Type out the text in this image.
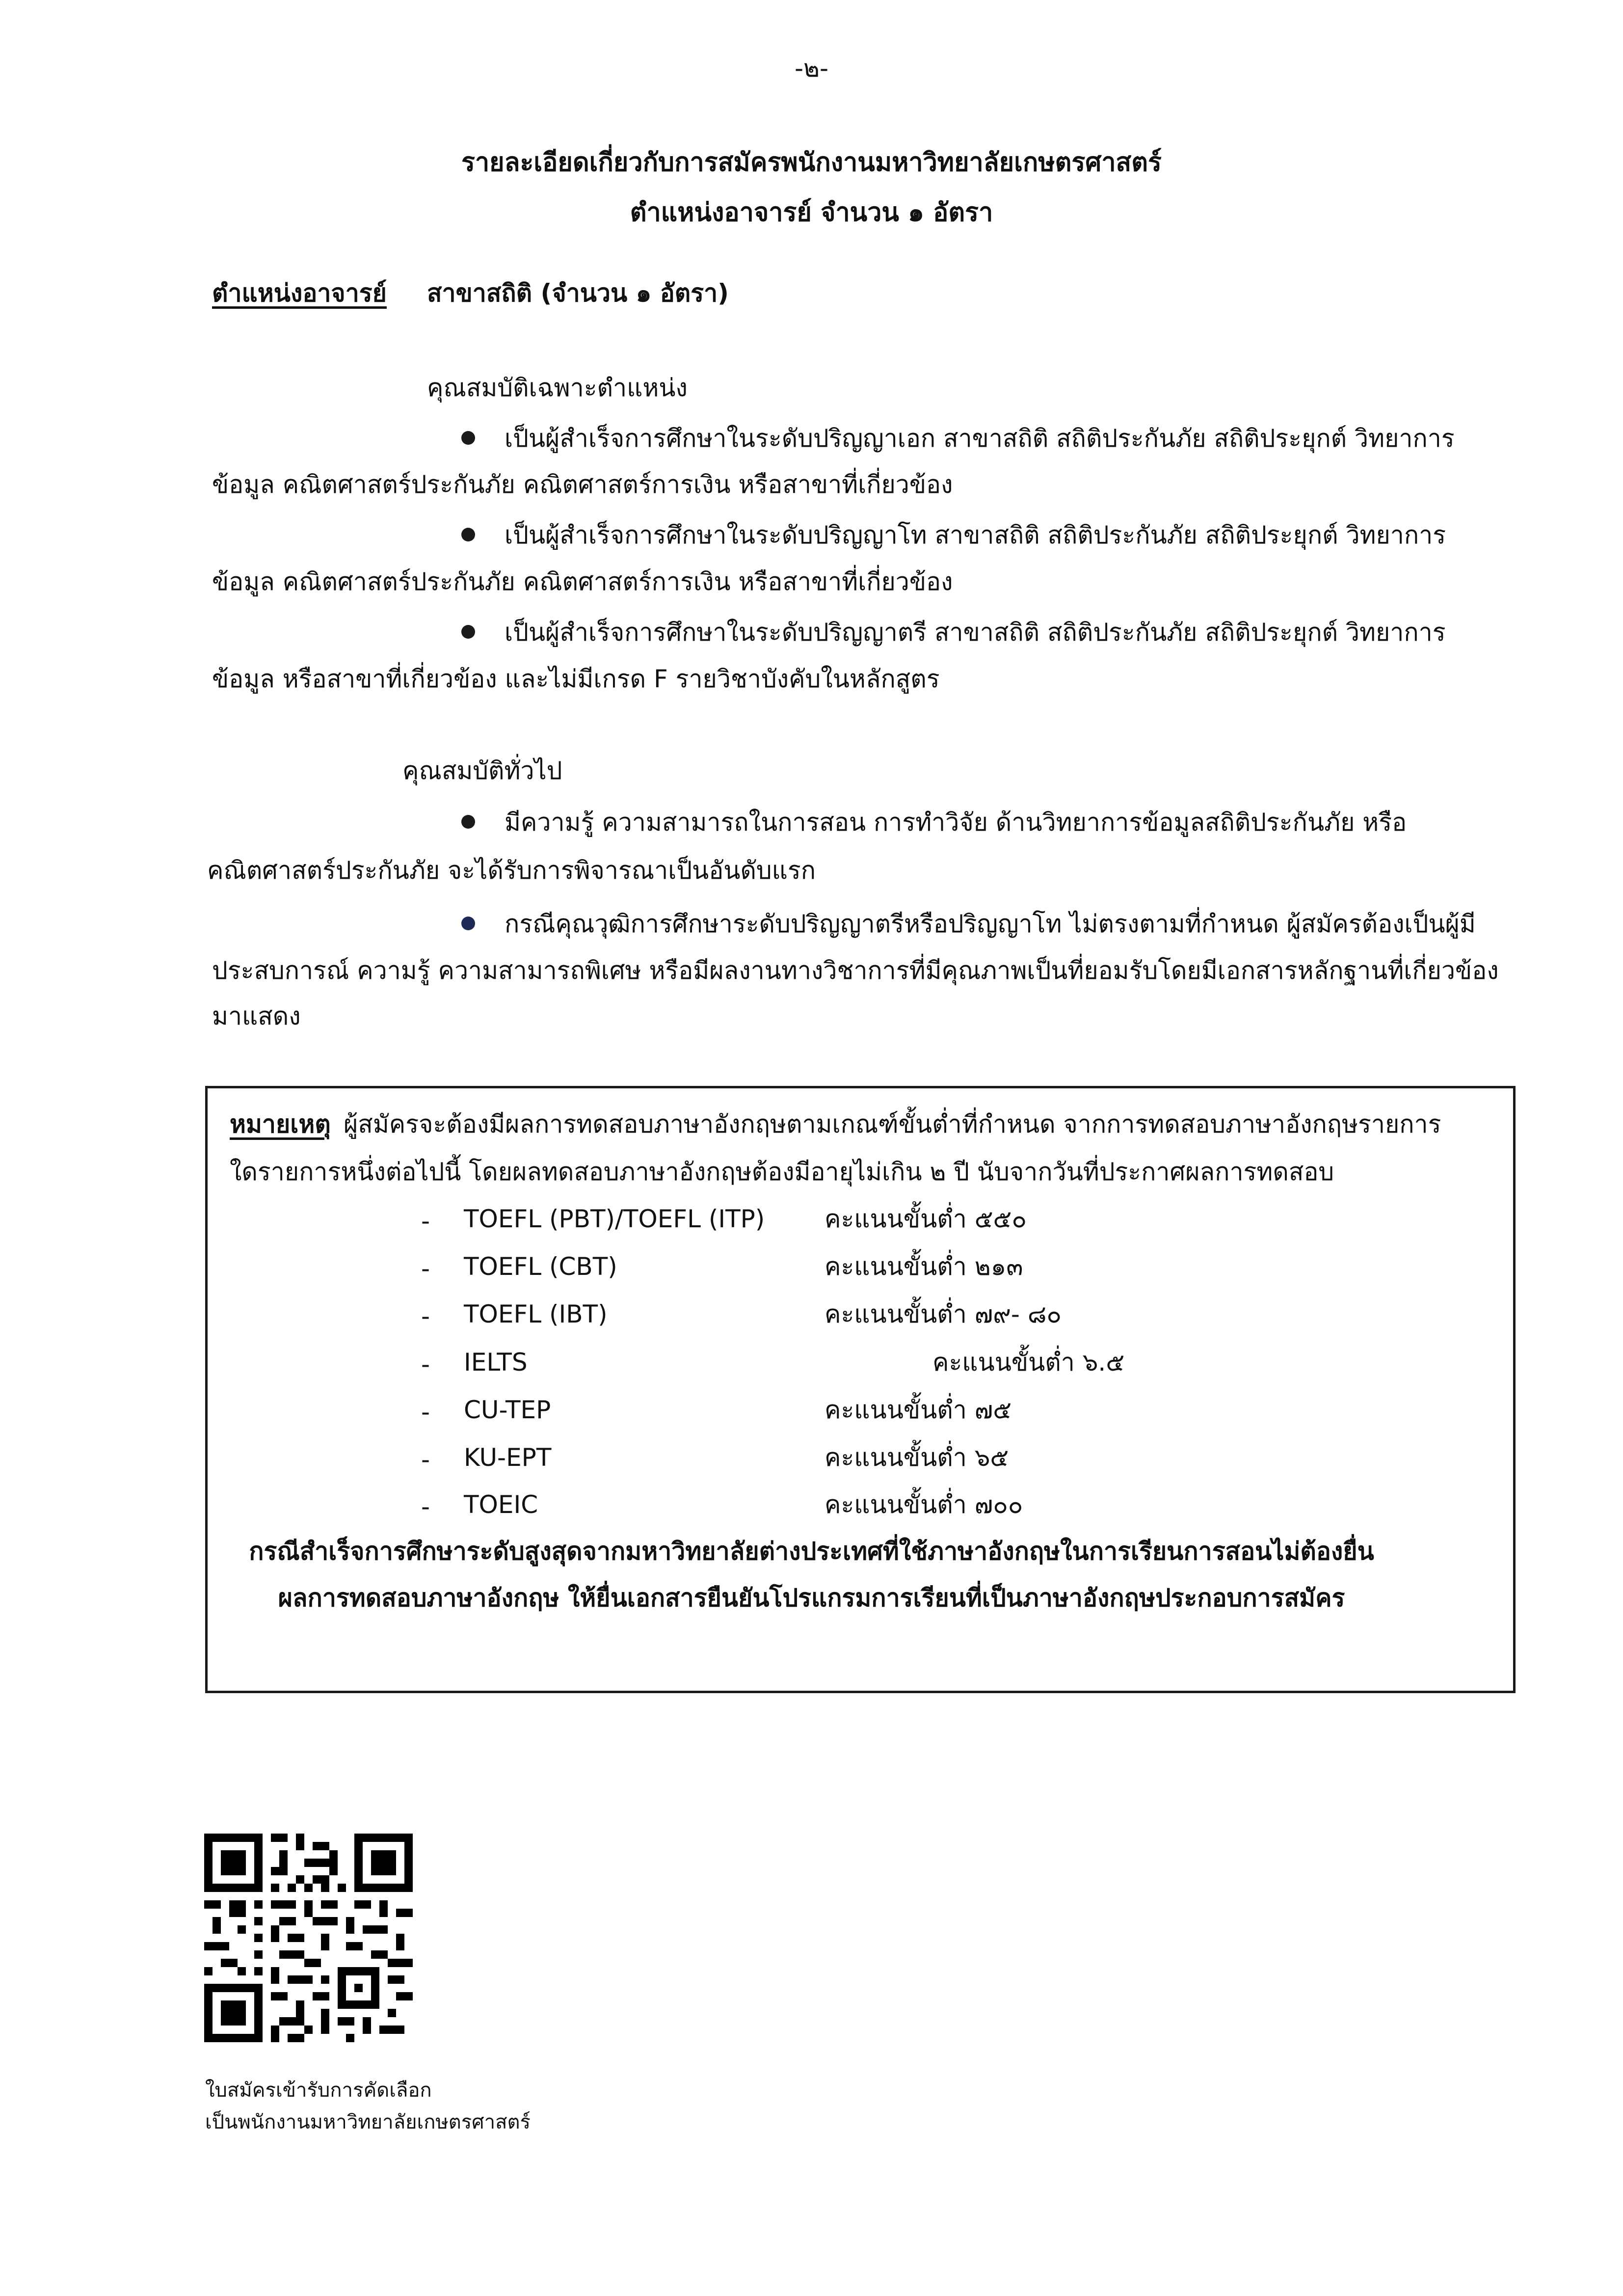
-๒-
รายละเอียดเกี่ยวกับการสมัครพนักงานมหาวิทยาลัยเกษตรศาสตร์
ตำแหน่งอาจารย์ จำนวน ๑ อัตรา
ตำแหน่งอาจารย์ สาขาสถิติ (จำนวน ๑ อัตรา)
คุณสมบัติเฉพาะตำแหน่ง
เป็นผู้สำเร็จการศึกษาในระดับปริญญาเอก สาขาสถิติ สถิติประกันภัย สถิติประยุกต์ วิทยาการ
ข้อมูล คณิตศาสตร์ประกันภัย คณิตศาสตร์การเงิน หรือสาขาที่เกี่ยวข้อง
เป็นผู้สำเร็จการศึกษาในระดับปริญญาโท สาขาสถิติ สถิติประกันภัย สถิติประยุกต์ วิทยาการ
ข้อมูล คณิตศาสตร์ประกันภัย คณิตศาสตร์การเงิน หรือสาขาที่เกี่ยวข้อง
เป็นผู้สำเร็จการศึกษาในระดับปริญญาตรี สาขาสถิติ สถิติประกันภัย สถิติประยุกต์ วิทยาการ
ข้อมูล หรือสาขาที่เกี่ยวข้อง และไม่มีเกรด F รายวิชาบังคับในหลักสูตร
คุณสมบัติทั่วไป
มีความรู้ ความสามารถในการสอน การทำวิจัย ด้านวิทยาการข้อมูลสถิติประกันภัย หรือ
คณิตศาสตร์ประกันภัย จะได้รับการพิจารณาเป็นอันดับแรก
กรณีคุณวุฒิการศึกษาระดับปริญญาตรีหรือปริญญาโท ไม่ตรงตามที่กำหนด ผู้สมัครต้องเป็นผู้มี
ประสบการณ์ ความรู้ ความสามารถพิเศษ หรือมีผลงานทางวิชาการที่มีคุณภาพเป็นที่ยอมรับโดยมีเอกสารหลักฐานที่เกี่ยวข้อง
มาแสดง
หมายเหตุ ผู้สมัครจะต้องมีผลการทดสอบภาษาอังกฤษตามเกณฑ์ขั้นต่ำที่กำหนด จากการทดสอบภาษาอังกฤษรายการ
ใดรายการหนึ่งต่อไปนี้ โดยผลทดสอบภาษาอังกฤษต้องมีอายุไม่เกิน ๒ ปี นับจากวันที่ประกาศผลการทดสอบ
- TOEFL (PBT)/TOEFL (ITP) คะแนนขั้นต่ำ ๕๕๐
- TOEFL (CBT)	คะแนนขั้นต่ำ ๒๑๓
- TOEFL (IBT)	คะแนนขั้นต่ำ ๗๙- ๘๐
- IELTS	คะแนนขั้นต่ำ ๖.๕
- CU-TEP	คะแนนขั้นต่ำ ๗๕
- KU-EPT	คะแนนขั้นต่ำ ๖๕
- TOEIC	คะแนนขั้นต่ำ ๗๐๐
กรณีสำเร็จการศึกษาระดับสูงสุดจากมหาวิทยาลัยต่างประเทศที่ใช้ภาษาอังกฤษในการเรียนการสอนไม่ต้องยื่น
ผลการทดสอบภาษาอังกฤษ ให้ยื่นเอกสารยืนยันโปรแกรมการเรียนที่เป็นภาษาอังกฤษประกอบการสมัคร
ใบสมัครเข้ารับการคัดเลือก
เป็นพนักงานมหาวิทยาลัยเกษตรศาสตร์
